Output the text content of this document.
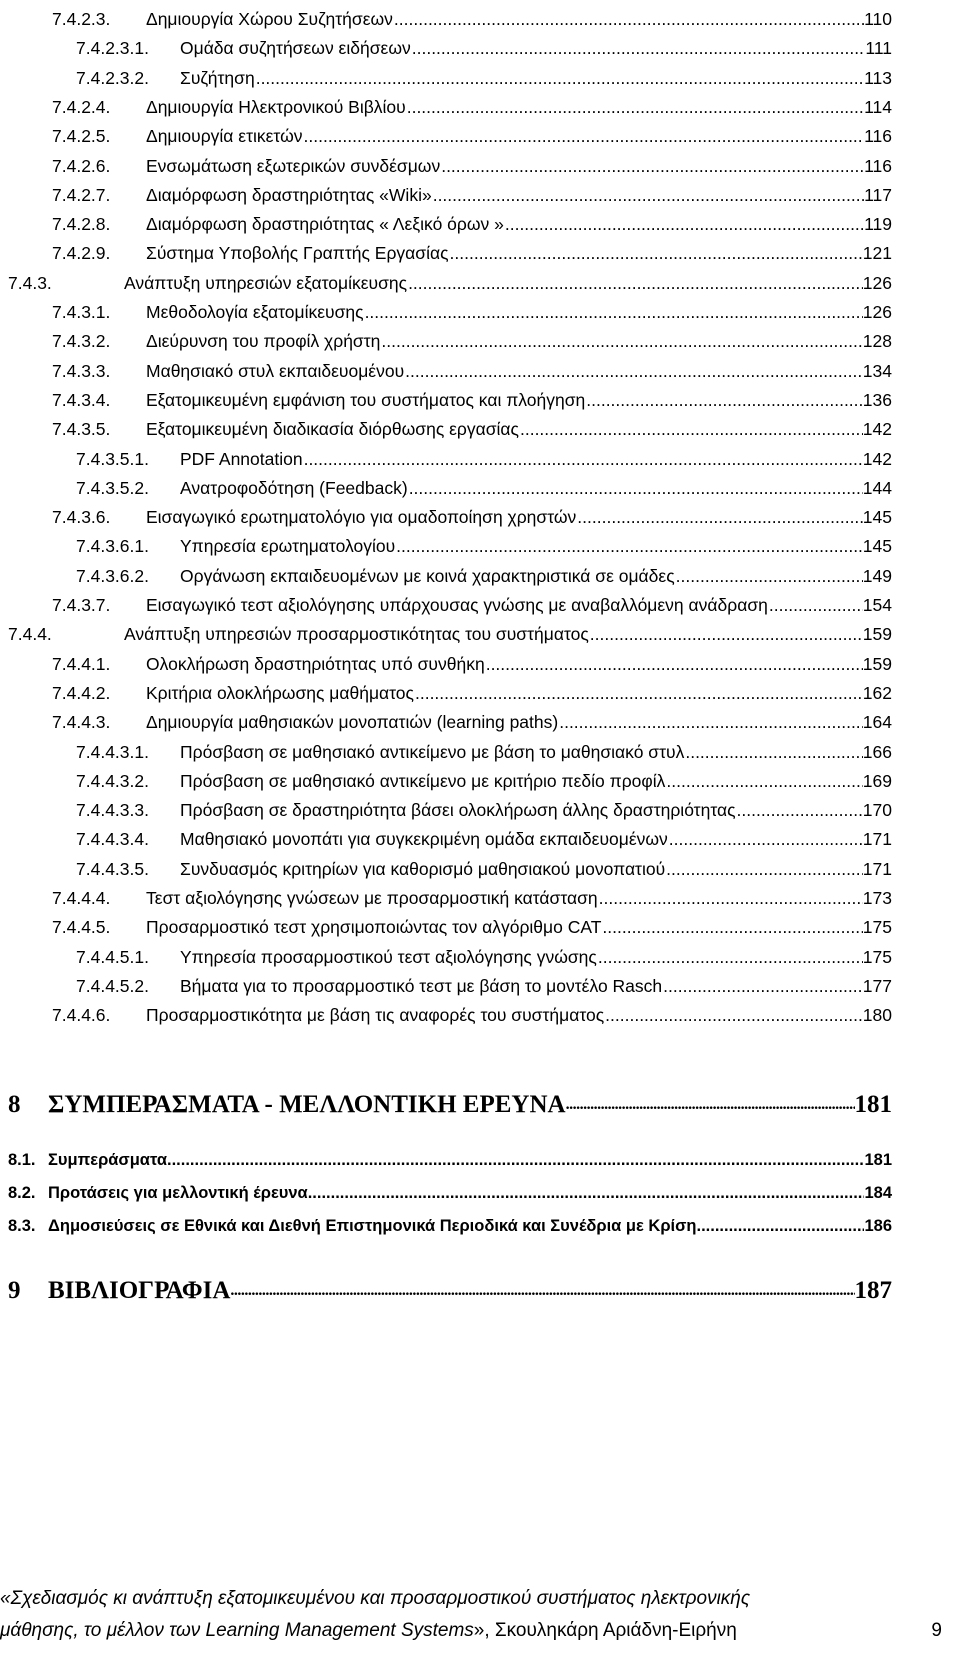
7.4.2.3.	Δημιουργία Χώρου Συζητήσεων .....	110
7.4.2.3.1.	Ομάδα συζητήσεων ειδήσεων .....	111
7.4.2.3.2.	Συζήτηση .....	113
7.4.2.4.	Δημιουργία Ηλεκτρονικού Βιβλίου .....	114
7.4.2.5.	Δημιουργία ετικετών .....	116
7.4.2.6.	Ενσωμάτωση εξωτερικών συνδέσμων .....	116
7.4.2.7.	Διαμόρφωση δραστηριότητας «Wiki» .....	117
7.4.2.8.	Διαμόρφωση δραστηριότητας « Λεξικό όρων » .....	119
7.4.2.9.	Σύστημα Υποβολής Γραπτής Εργασίας .....	121
7.4.3.	Ανάπτυξη υπηρεσιών εξατομίκευσης .....	126
7.4.3.1.	Μεθοδολογία εξατομίκευσης .....	126
7.4.3.2.	Διεύρυνση του προφίλ χρήστη .....	128
7.4.3.3.	Μαθησιακό στυλ εκπαιδευομένου .....	134
7.4.3.4.	Εξατομικευμένη εμφάνιση του συστήματος και πλοήγηση .....	136
7.4.3.5.	Εξατομικευμένη διαδικασία διόρθωσης εργασίας .....	142
7.4.3.5.1.	PDF Annotation .....	142
7.4.3.5.2.	Ανατροφοδότηση (Feedback) .....	144
7.4.3.6.	Εισαγωγικό ερωτηματολόγιο για ομαδοποίηση χρηστών .....	145
7.4.3.6.1.	Υπηρεσία ερωτηματολογίου .....	145
7.4.3.6.2.	Οργάνωση εκπαιδευομένων με κοινά χαρακτηριστικά σε ομάδες .....	149
7.4.3.7.	Εισαγωγικό τεστ αξιολόγησης υπάρχουσας γνώσης με αναβαλλόμενη ανάδραση .....	154
7.4.4.	Ανάπτυξη υπηρεσιών προσαρμοστικότητας του συστήματος .....	159
7.4.4.1.	Ολοκλήρωση δραστηριότητας υπό συνθήκη .....	159
7.4.4.2.	Κριτήρια ολοκλήρωσης μαθήματος .....	162
7.4.4.3.	Δημιουργία μαθησιακών μονοπατιών (learning paths) .....	164
7.4.4.3.1.	Πρόσβαση σε μαθησιακό αντικείμενο με βάση το μαθησιακό στυλ .....	166
7.4.4.3.2.	Πρόσβαση σε μαθησιακό αντικείμενο με κριτήριο πεδίο προφίλ .....	169
7.4.4.3.3.	Πρόσβαση σε δραστηριότητα βάσει ολοκλήρωση άλλης δραστηριότητας .....	170
7.4.4.3.4.	Μαθησιακό μονοπάτι για συγκεκριμένη ομάδα εκπαιδευομένων .....	171
7.4.4.3.5.	Συνδυασμός κριτηρίων για καθορισμό μαθησιακού μονοπατιού .....	171
7.4.4.4.	Τεστ αξιολόγησης γνώσεων με προσαρμοστική κατάσταση .....	173
7.4.4.5.	Προσαρμοστικό τεστ χρησιμοποιώντας τον αλγόριθμο CAT .....	175
7.4.4.5.1.	Υπηρεσία προσαρμοστικού τεστ αξιολόγησης γνώσης .....	175
7.4.4.5.2.	Βήματα για το προσαρμοστικό τεστ με βάση το μοντέλο Rasch .....	177
7.4.4.6.	Προσαρμοστικότητα με βάση τις αναφορές του συστήματος .....	180
8	ΣΥΜΠΕΡΑΣΜΑΤΑ - ΜΕΛΛΟΝΤΙΚΗ ΕΡΕΥΝΑ .....	181
8.1. Συμπεράσματα .....	181
8.2. Προτάσεις για μελλοντική έρευνα .....	184
8.3. Δημοσιεύσεις σε Εθνικά και Διεθνή Επιστημονικά Περιοδικά και Συνέδρια με Κρίση .....	186
9	ΒΙΒΛΙΟΓΡΑΦΙΑ .....	187
«Σχεδιασμός κι ανάπτυξη εξατομικευμένου και προσαρμοστικού συστήματος ηλεκτρονικής
μάθησης, το μέλλον των Learning Management Systems», Σκουληκάρη Αριάδνη-Ειρήνη	9
